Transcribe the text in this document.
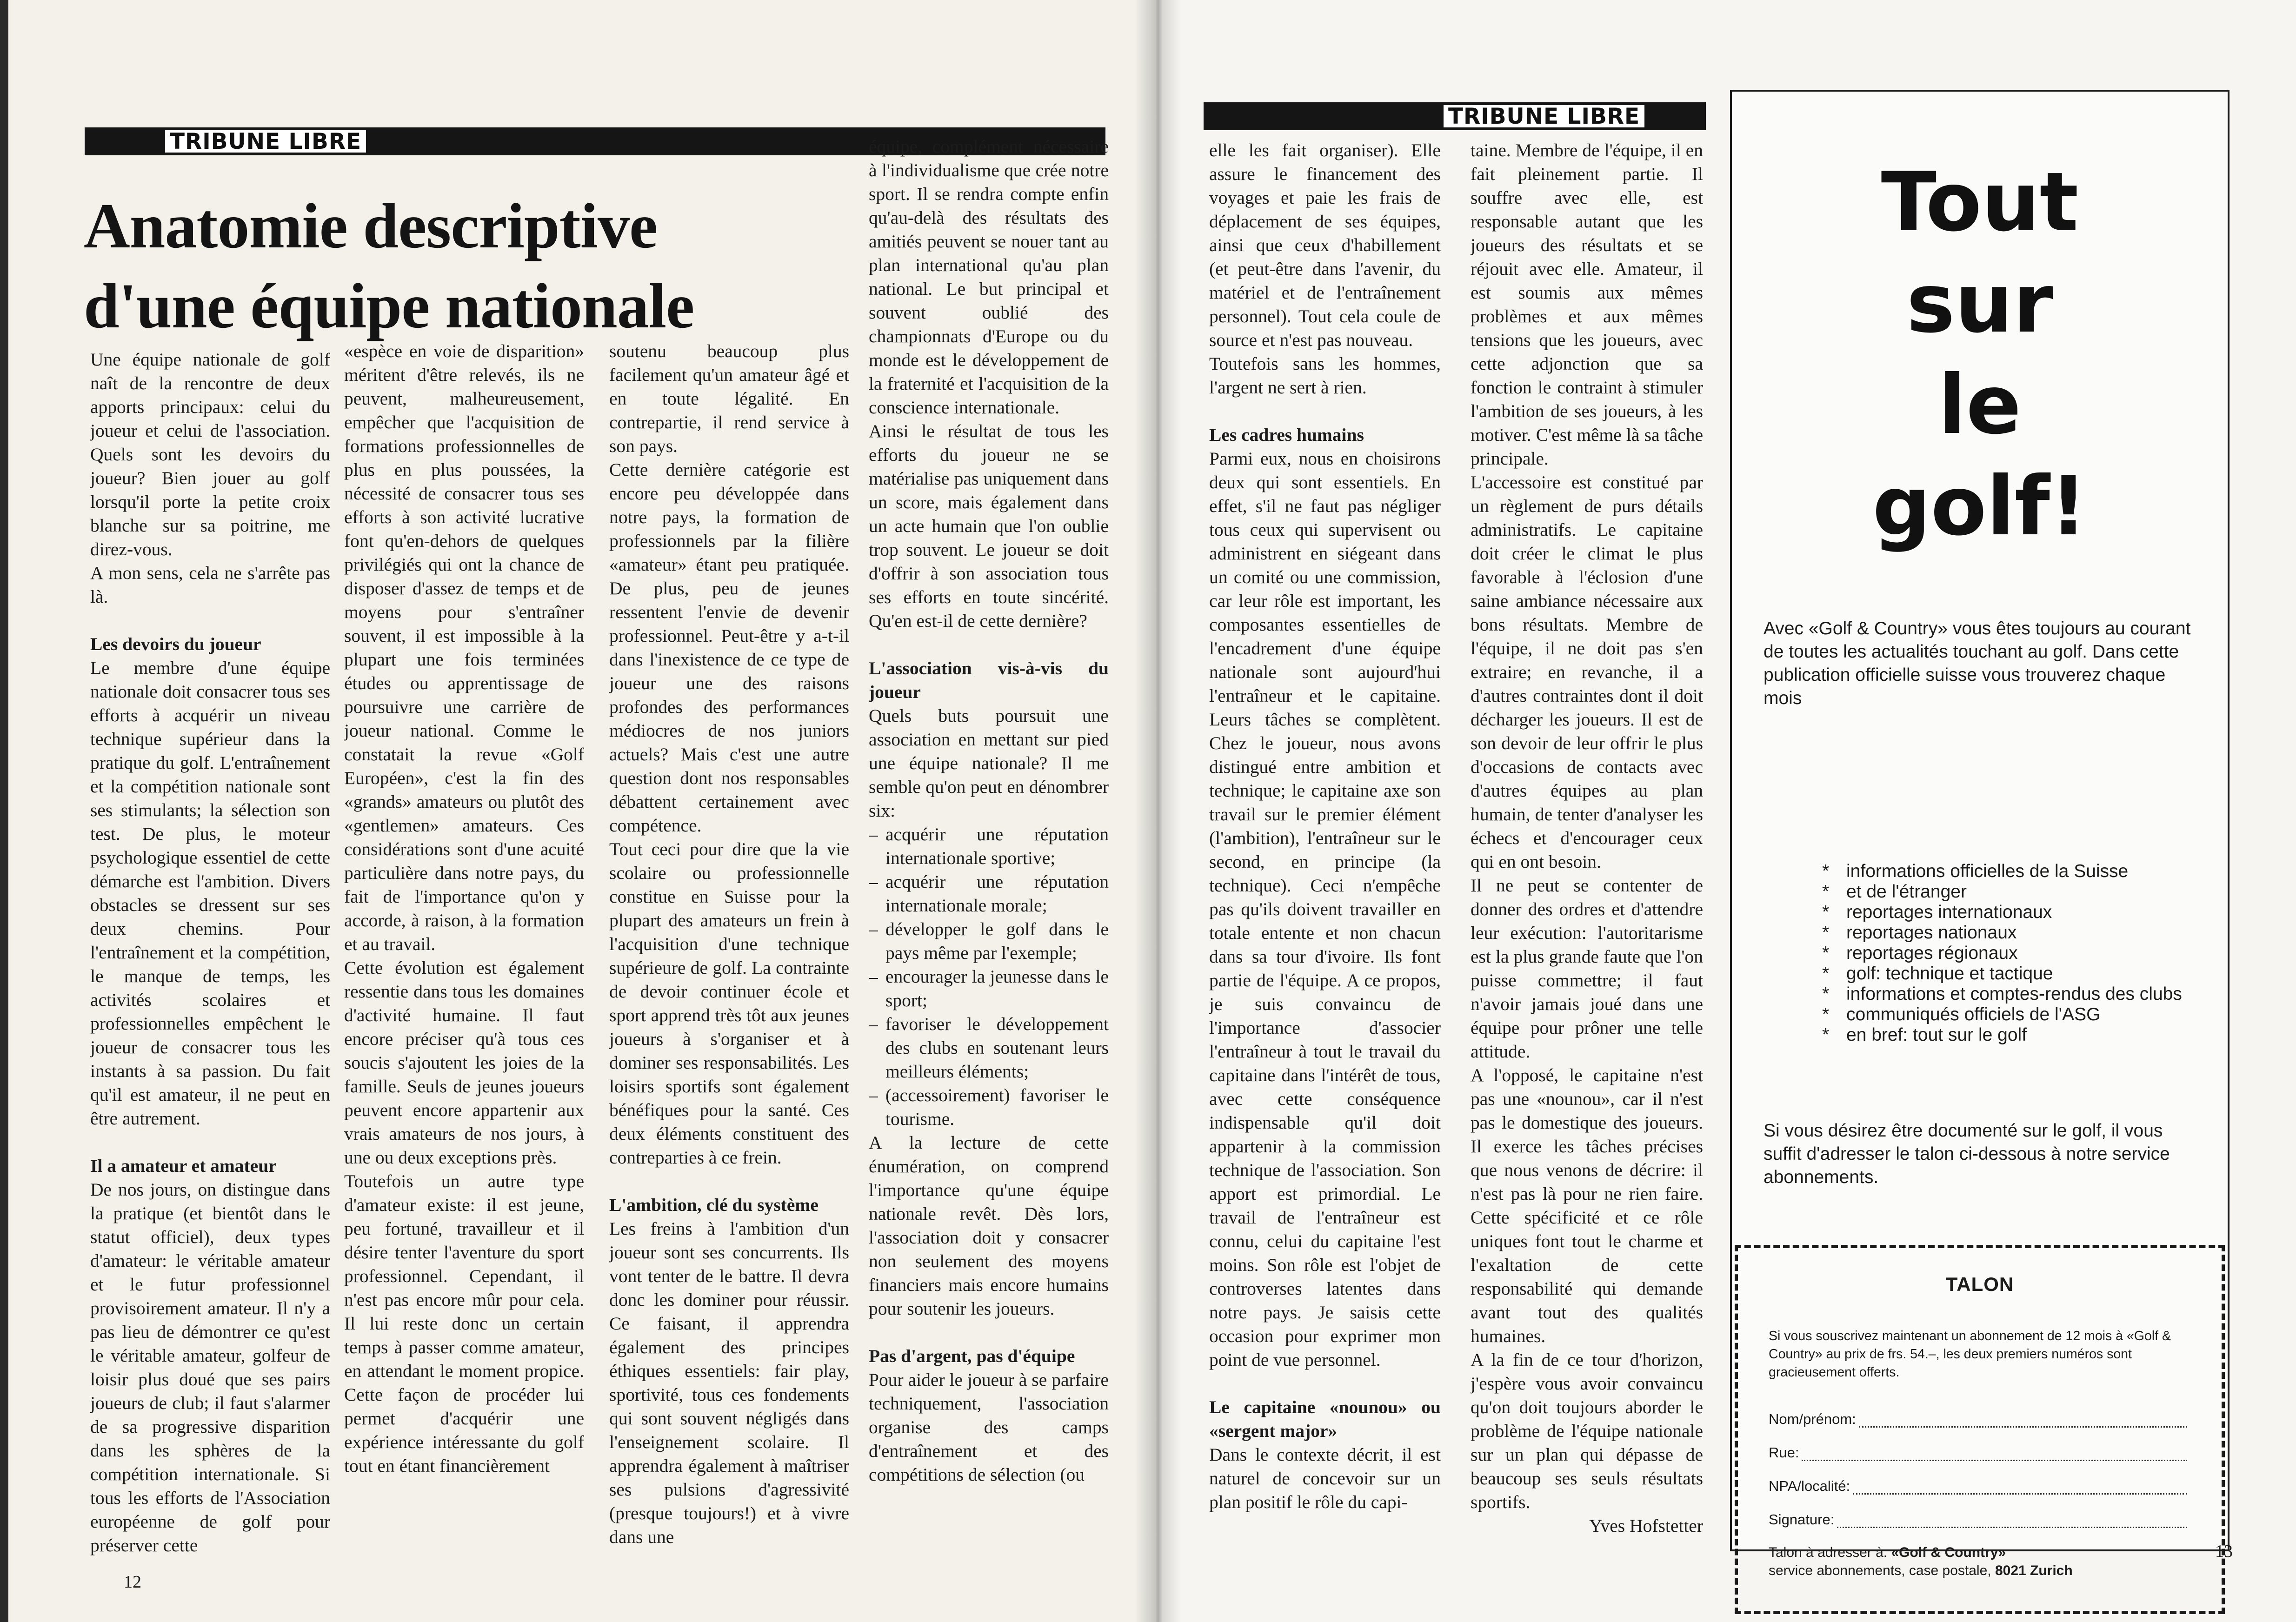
TRIBUNE LIBRE
Anatomie descriptive
d'une équipe nationale

Une équipe nationale de golf naît de la rencontre de deux apports principaux: celui du joueur et celui de l'association. Quels sont les devoirs du joueur? Bien jouer au golf lorsqu'il porte la petite croix blanche sur sa poitrine, me direz-vous.

A mon sens, cela ne s'arrête pas là.

Les devoirs du joueur

Le membre d'une équipe nationale doit consacrer tous ses efforts à acquérir un niveau technique supérieur dans la pratique du golf. L'entraînement et la compétition nationale sont ses stimulants; la sélection son test. De plus, le moteur psychologique essentiel de cette démarche est l'ambition. Divers obstacles se dressent sur ses deux chemins. Pour l'entraînement et la compétition, le manque de temps, les activités scolaires et professionnelles empêchent le joueur de consacrer tous les instants à sa passion. Du fait qu'il est amateur, il ne peut en être autrement.

Il a amateur et amateur

De nos jours, on distingue dans la pratique (et bientôt dans le statut officiel), deux types d'amateur: le véritable amateur et le futur professionnel provisoirement amateur. Il n'y a pas lieu de démontrer ce qu'est le véritable amateur, golfeur de loisir plus doué que ses pairs joueurs de club; il faut s'alarmer de sa progressive disparition dans les sphères de la compétition internationale. Si tous les efforts de l'Association européenne de golf pour préserver cette

«espèce en voie de disparition» méritent d'être relevés, ils ne peuvent, malheureusement, empêcher que l'acquisition de formations professionnelles de plus en plus poussées, la nécessité de consacrer tous ses efforts à son activité lucrative font qu'en-dehors de quelques privilégiés qui ont la chance de disposer d'assez de temps et de moyens pour s'entraîner souvent, il est impossible à la plupart une fois terminées études ou apprentissage de poursuivre une carrière de joueur national. Comme le constatait la revue «Golf Européen», c'est la fin des «grands» amateurs ou plutôt des «gentlemen» amateurs. Ces considérations sont d'une acuité particulière dans notre pays, du fait de l'importance qu'on y accorde, à raison, à la formation et au travail.

Cette évolution est également ressentie dans tous les domaines d'activité humaine. Il faut encore préciser qu'à tous ces soucis s'ajoutent les joies de la famille. Seuls de jeunes joueurs peuvent encore appartenir aux vrais amateurs de nos jours, à une ou deux exceptions près.

Toutefois un autre type d'amateur existe: il est jeune, peu fortuné, travailleur et il désire tenter l'aventure du sport professionnel. Cependant, il n'est pas encore mûr pour cela. Il lui reste donc un certain temps à passer comme amateur, en attendant le moment propice. Cette façon de procéder lui permet d'acquérir une expérience intéressante du golf tout en étant financièrement

soutenu beaucoup plus facilement qu'un amateur âgé et en toute légalité. En contrepartie, il rend service à son pays.

Cette dernière catégorie est encore peu développée dans notre pays, la formation de professionnels par la filière «amateur» étant peu pratiquée. De plus, peu de jeunes ressentent l'envie de devenir professionnel. Peut-être y a-t-il dans l'inexistence de ce type de joueur une des raisons profondes des performances médiocres de nos juniors actuels? Mais c'est une autre question dont nos responsables débattent certainement avec compétence.

Tout ceci pour dire que la vie scolaire ou professionnelle constitue en Suisse pour la plupart des amateurs un frein à l'acquisition d'une technique supérieure de golf. La contrainte de devoir continuer école et sport apprend très tôt aux jeunes joueurs à s'organiser et à dominer ses responsabilités. Les loisirs sportifs sont également bénéfiques pour la santé. Ces deux éléments constituent des contreparties à ce frein.

L'ambition, clé du système

Les freins à l'ambition d'un joueur sont ses concurrents. Ils vont tenter de le battre. Il devra donc les dominer pour réussir. Ce faisant, il apprendra également des principes éthiques essentiels: fair play, sportivité, tous ces fondements qui sont souvent négligés dans l'enseignement scolaire. Il apprendra également à maîtriser ses pulsions d'agressivité (presque toujours!) et à vivre dans une

équipe, complément nécessaire à l'individualisme que crée notre sport. Il se rendra compte enfin qu'au-delà des résultats des amitiés peuvent se nouer tant au plan international qu'au plan national. Le but principal et souvent oublié des championnats d'Europe ou du monde est le développement de la fraternité et l'acquisition de la conscience internationale.

Ainsi le résultat de tous les efforts du joueur ne se matérialise pas uniquement dans un score, mais également dans un acte humain que l'on oublie trop souvent. Le joueur se doit d'offrir à son association tous ses efforts en toute sincérité. Qu'en est-il de cette dernière?

L'association vis-à-vis du joueur

Quels buts poursuit une association en mettant sur pied une équipe nationale? Il me semble qu'on peut en dénombrer six:

– acquérir une réputation internationale sportive;
– acquérir une réputation internationale morale;
– développer le golf dans le pays même par l'exemple;
– encourager la jeunesse dans le sport;
– favoriser le développement des clubs en soutenant leurs meilleurs éléments;
– (accessoirement) favoriser le tourisme.

A la lecture de cette énumération, on comprend l'importance qu'une équipe nationale revêt. Dès lors, l'association doit y consacrer non seulement des moyens financiers mais encore humains pour soutenir les joueurs.

Pas d'argent, pas d'équipe

Pour aider le joueur à se parfaire techniquement, l'association organise des camps d'entraînement et des compétitions de sélection (ou

12
TRIBUNE LIBRE

elle les fait organiser). Elle assure le financement des voyages et paie les frais de déplacement de ses équipes, ainsi que ceux d'habillement (et peut-être dans l'avenir, du matériel et de l'entraînement personnel). Tout cela coule de source et n'est pas nouveau.

Toutefois sans les hommes, l'argent ne sert à rien.

Les cadres humains

Parmi eux, nous en choisirons deux qui sont essentiels. En effet, s'il ne faut pas négliger tous ceux qui supervisent ou administrent en siégeant dans un comité ou une commission, car leur rôle est important, les composantes essentielles de l'encadrement d'une équipe nationale sont aujourd'hui l'entraîneur et le capitaine. Leurs tâches se complètent. Chez le joueur, nous avons distingué entre ambition et technique; le capitaine axe son travail sur le premier élément (l'ambition), l'entraîneur sur le second, en principe (la technique). Ceci n'empêche pas qu'ils doivent travailler en totale entente et non chacun dans sa tour d'ivoire. Ils font partie de l'équipe. A ce propos, je suis convaincu de l'importance d'associer l'entraîneur à tout le travail du capitaine dans l'intérêt de tous, avec cette conséquence indispensable qu'il doit appartenir à la commission technique de l'association. Son apport est primordial. Le travail de l'entraîneur est connu, celui du capitaine l'est moins. Son rôle est l'objet de controverses latentes dans notre pays. Je saisis cette occasion pour exprimer mon point de vue personnel.

Le capitaine «nounou» ou «sergent major»

Dans le contexte décrit, il est naturel de concevoir sur un plan positif le rôle du capi-

taine. Membre de l'équipe, il en fait pleinement partie. Il souffre avec elle, est responsable autant que les joueurs des résultats et se réjouit avec elle. Amateur, il est soumis aux mêmes problèmes et aux mêmes tensions que les joueurs, avec cette adjonction que sa fonction le contraint à stimuler l'ambition de ses joueurs, à les motiver. C'est même là sa tâche principale.

L'accessoire est constitué par un règlement de purs détails administratifs. Le capitaine doit créer le climat le plus favorable à l'éclosion d'une saine ambiance nécessaire aux bons résultats. Membre de l'équipe, il ne doit pas s'en extraire; en revanche, il a d'autres contraintes dont il doit décharger les joueurs. Il est de son devoir de leur offrir le plus d'occasions de contacts avec d'autres équipes au plan humain, de tenter d'analyser les échecs et d'encourager ceux qui en ont besoin.

Il ne peut se contenter de donner des ordres et d'attendre leur exécution: l'autoritarisme est la plus grande faute que l'on puisse commettre; il faut n'avoir jamais joué dans une équipe pour prôner une telle attitude.

A l'opposé, le capitaine n'est pas une «nounou», car il n'est pas le domestique des joueurs. Il exerce les tâches précises que nous venons de décrire: il n'est pas là pour ne rien faire. Cette spécificité et ce rôle uniques font tout le charme et l'exaltation de cette responsabilité qui demande avant tout des qualités humaines.

A la fin de ce tour d'horizon, j'espère vous avoir convaincu qu'on doit toujours aborder le problème de l'équipe nationale sur un plan qui dépasse de beaucoup ses seuls résultats sportifs.

Yves Hofstetter

Tout
sur
le
golf!
Avec «Golf & Country» vous êtes toujours au courant de toutes les actualités touchant au golf. Dans cette publication officielle suisse vous trouverez chaque mois
* informations officielles de la Suisse
* et de l'étranger
* reportages internationaux
* reportages nationaux
* reportages régionaux
* golf: technique et tactique
* informations et comptes-rendus des clubs
* communiqués officiels de l'ASG
* en bref: tout sur le golf
Si vous désirez être documenté sur le golf, il vous suffit d'adresser le talon ci-dessous à notre service abonnements.
TALON
Si vous souscrivez maintenant un abonnement de 12 mois à «Golf & Country» au prix de frs. 54.–, les deux premiers numéros sont gracieusement offerts.
Nom/prénom:
Rue:
NPA/localité:
Signature:
Talon à adresser à: «Golf & Country»
service abonnements, case postale, 8021 Zurich
13
